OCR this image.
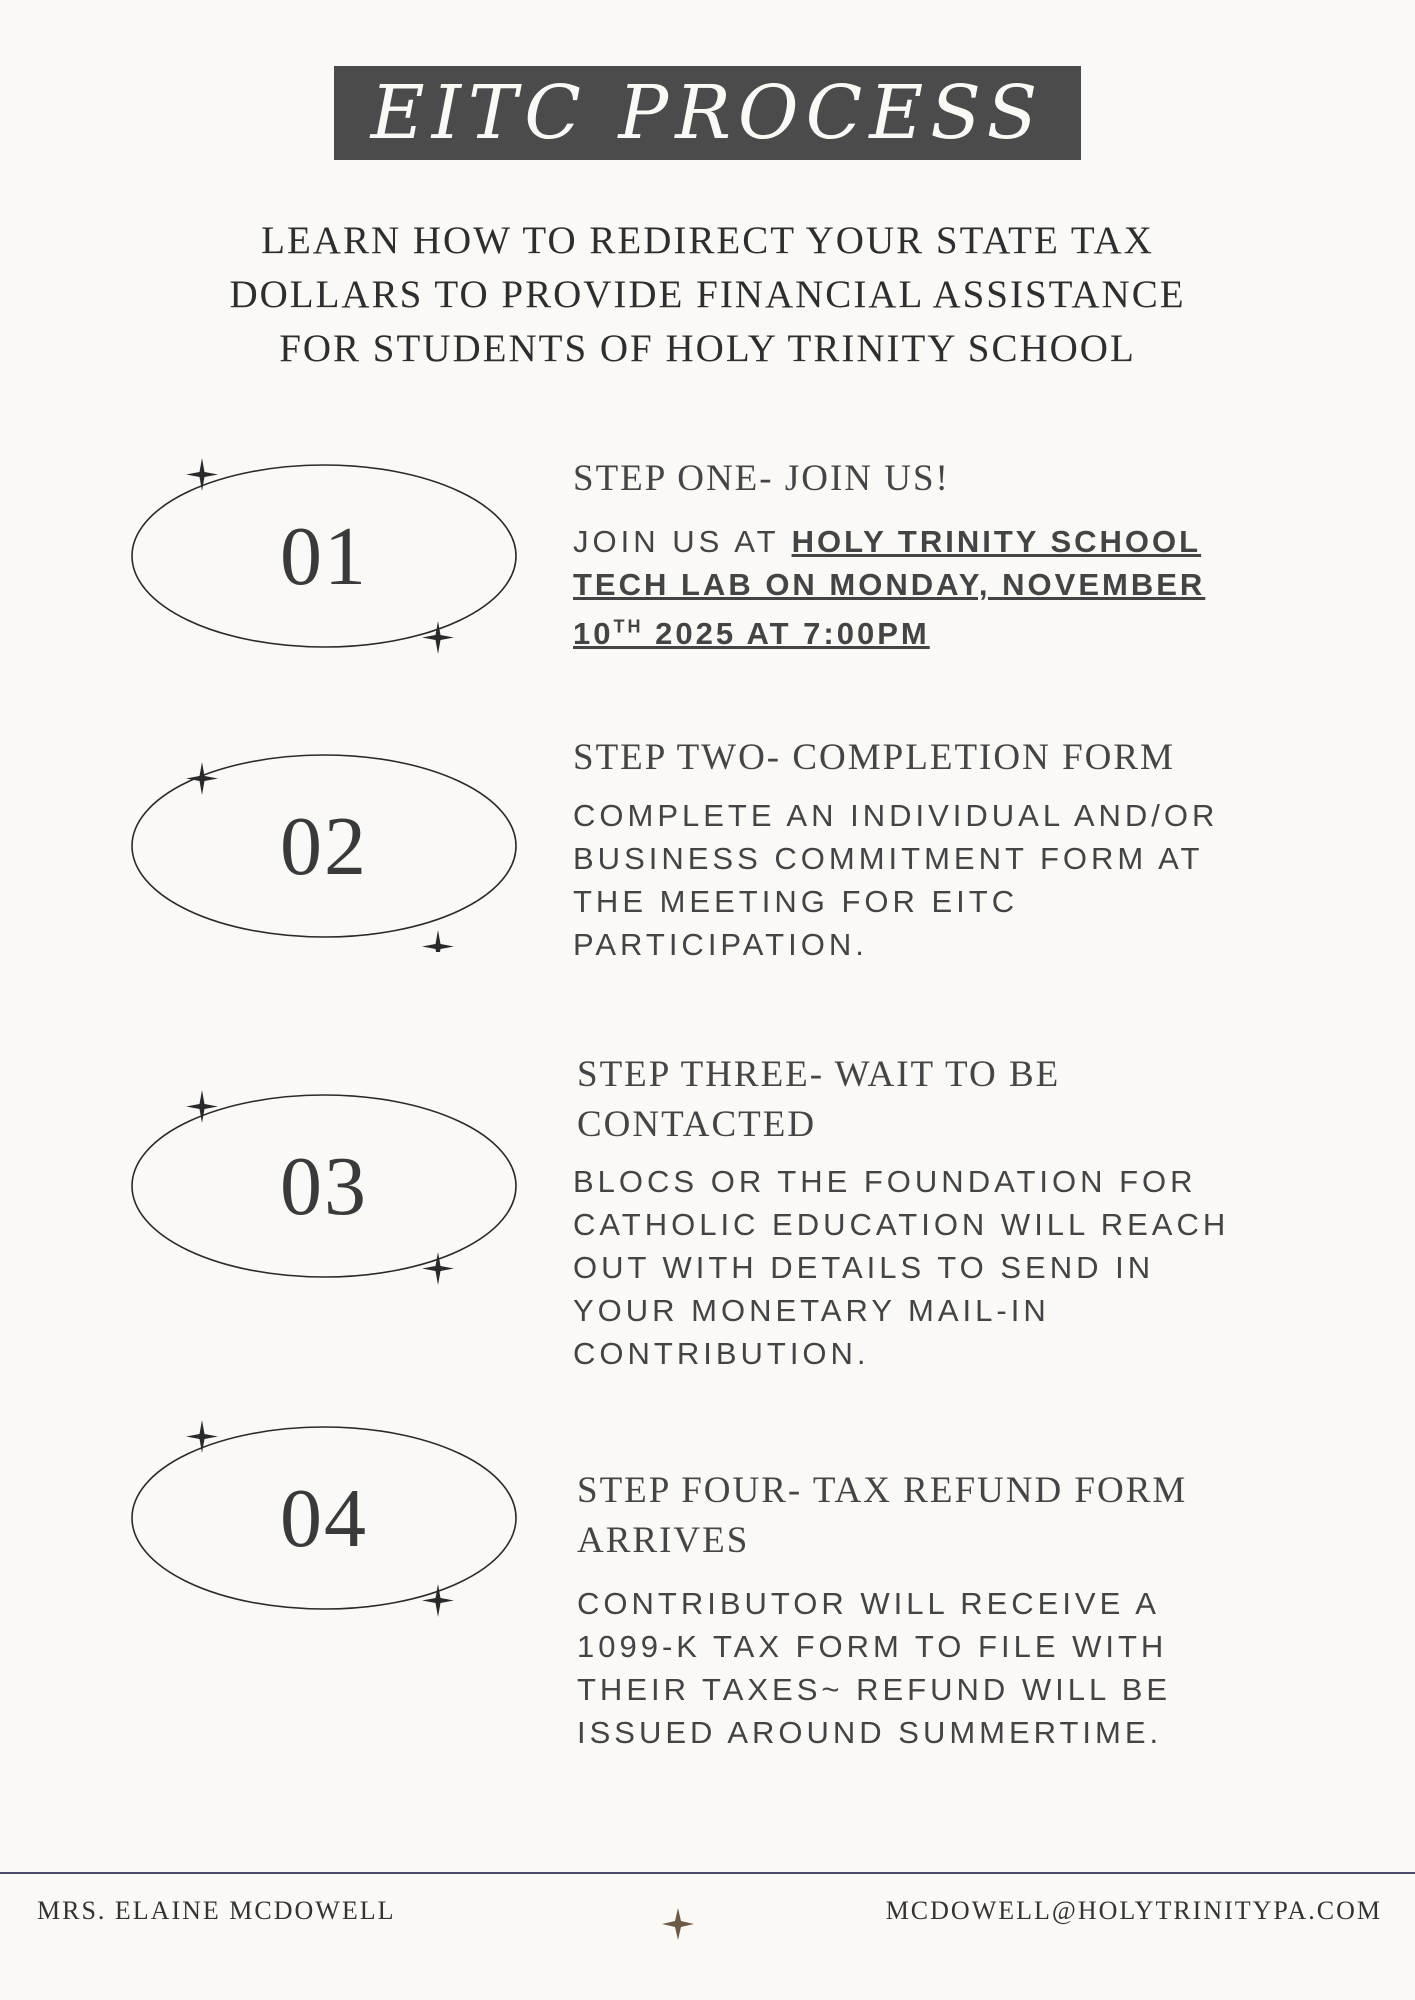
EITC PROCESS
LEARN HOW TO REDIRECT YOUR STATE TAX
DOLLARS TO PROVIDE FINANCIAL ASSISTANCE
FOR STUDENTS OF HOLY TRINITY SCHOOL
01
STEP ONE- JOIN US!
JOIN US AT HOLY TRINITY SCHOOL
TECH LAB ON MONDAY, NOVEMBER
10TH 2025 AT 7:00PM
02
STEP TWO- COMPLETION FORM
COMPLETE AN INDIVIDUAL AND/OR
BUSINESS COMMITMENT FORM AT
THE MEETING FOR EITC
PARTICIPATION.
03
STEP THREE- WAIT TO BE
CONTACTED
BLOCS OR THE FOUNDATION FOR
CATHOLIC EDUCATION WILL REACH
OUT WITH DETAILS TO SEND IN
YOUR MONETARY MAIL-IN
CONTRIBUTION.
04	STEP FOUR- TAX REFUND FORM
ARRIVES
CONTRIBUTOR WILL RECEIVE A
1099-K TAX FORM TO FILE WITH
THEIR TAXES~ REFUND WILL BE
ISSUED AROUND SUMMERTIME.
MRS. ELAINE MCDOWELL	MCDOWELL@HOLYTRINITYPA.COM
